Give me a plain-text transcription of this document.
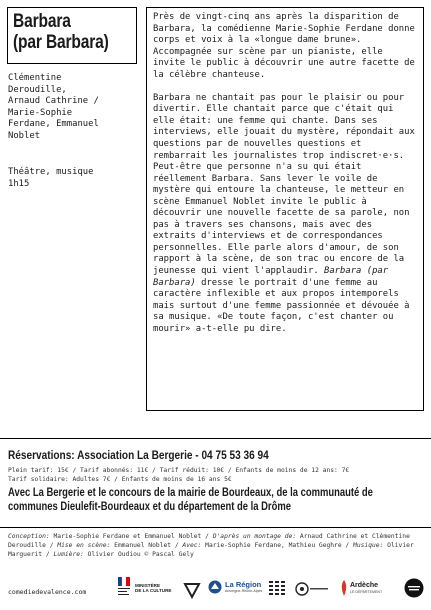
Barbara
(par Barbara)
Clémentine
Deroudille,
Arnaud Cathrine /
Marie-Sophie
Ferdane, Emmanuel
Noblet
Théâtre, musique
1h15

Près de vingt-cinq ans après la disparition de Barbara, la comédienne Marie-Sophie Ferdane donne corps et voix à la «longue dame brune». Accompagnée sur scène par un pianiste, elle invite le public à découvrir une autre facette de la célèbre chanteuse.

Barbara ne chantait pas pour le plaisir ou pour divertir. Elle chantait parce que c'était qui elle était: une femme qui chante. Dans ses interviews, elle jouait du mystère, répondait aux questions par de nouvelles questions et rembarrait les journalistes trop indiscret·e·s. Peut-être que personne n'a su qui était réellement Barbara. Sans lever le voile de mystère qui entoure la chanteuse, le metteur en scène Emmanuel Noblet invite le public à découvrir une nouvelle facette de sa parole, non pas à travers ses chansons, mais avec des extraits d'interviews et de correspondances personnelles. Elle parle alors d'amour, de son rapport à la scène, de son trac ou encore de la jeunesse qui vient l'applaudir. Barbara (par Barbara) dresse le portrait d'une femme au caractère inflexible et aux propos intemporels mais surtout d'une femme passionnée et dévouée à sa musique. «De toute façon, c'est chanter ou mourir» a-t-elle pu dire.

Réservations: Association La Bergerie - 04 75 53 36 94
Plein tarif: 15€ / Tarif abonnés: 11€ / Tarif réduit: 10€ / Enfants de moins de 12 ans: 7€
Tarif solidaire: Adultes 7€ / Enfants de moins de 16 ans 5€
Avec La Bergerie et le concours de la mairie de Bourdeaux, de la communauté de
communes Dieulefit-Bourdeaux et du département de la Drôme
Conception: Marie-Sophie Ferdane et Emmanuel Noblet / D'après un montage de: Arnaud Cathrine et Clémentine Deroudille / Mise en scène: Emmanuel Noblet / Avec: Marie-Sophie Ferdane, Mathieu Geghre / Musique: Olivier Marguerit / Lumière: Olivier Oudiou © Pascal Gely
comediedevalence.com
MINISTÈRE
DE LA CULTURE
La Région
Auvergne-Rhône-Alpes
Ardèche
LE DÉPARTEMENT
